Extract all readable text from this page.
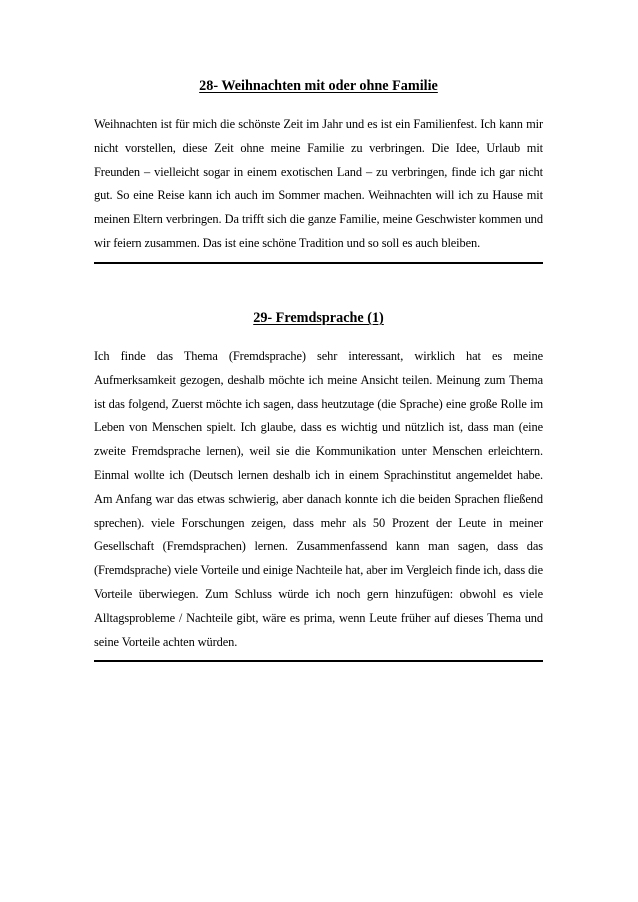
28- Weihnachten mit oder ohne Familie

Weihnachten ist für mich die schönste Zeit im Jahr und es ist ein Familienfest. Ich kann mir nicht vorstellen, diese Zeit ohne meine Familie zu verbringen. Die Idee, Urlaub mit Freunden – vielleicht sogar in einem exotischen Land – zu verbringen, finde ich gar nicht gut. So eine Reise kann ich auch im Sommer machen. Weihnachten will ich zu Hause mit meinen Eltern verbringen. Da trifft sich die ganze Familie, meine Geschwister kommen und wir feiern zusammen. Das ist eine schöne Tradition und so soll es auch bleiben.

29- Fremdsprache (1)

Ich finde das Thema (Fremdsprache) sehr interessant, wirklich hat es meine Aufmerksamkeit gezogen, deshalb möchte ich meine Ansicht teilen. Meinung zum Thema ist das folgend, Zuerst möchte ich sagen, dass heutzutage (die Sprache) eine große Rolle im Leben von Menschen spielt. Ich glaube, dass es wichtig und nützlich ist, dass man (eine zweite Fremdsprache lernen), weil sie die Kommunikation unter Menschen erleichtern. Einmal wollte ich (Deutsch lernen deshalb ich in einem Sprachinstitut angemeldet habe. Am Anfang war das etwas schwierig, aber danach konnte ich die beiden Sprachen fließend sprechen). viele Forschungen zeigen, dass mehr als 50 Prozent der Leute in meiner Gesellschaft (Fremdsprachen) lernen. Zusammenfassend kann man sagen, dass das (Fremdsprache) viele Vorteile und einige Nachteile hat, aber im Vergleich finde ich, dass die Vorteile überwiegen. Zum Schluss würde ich noch gern hinzufügen: obwohl es viele Alltagsprobleme / Nachteile gibt, wäre es prima, wenn Leute früher auf dieses Thema und seine Vorteile achten würden.
